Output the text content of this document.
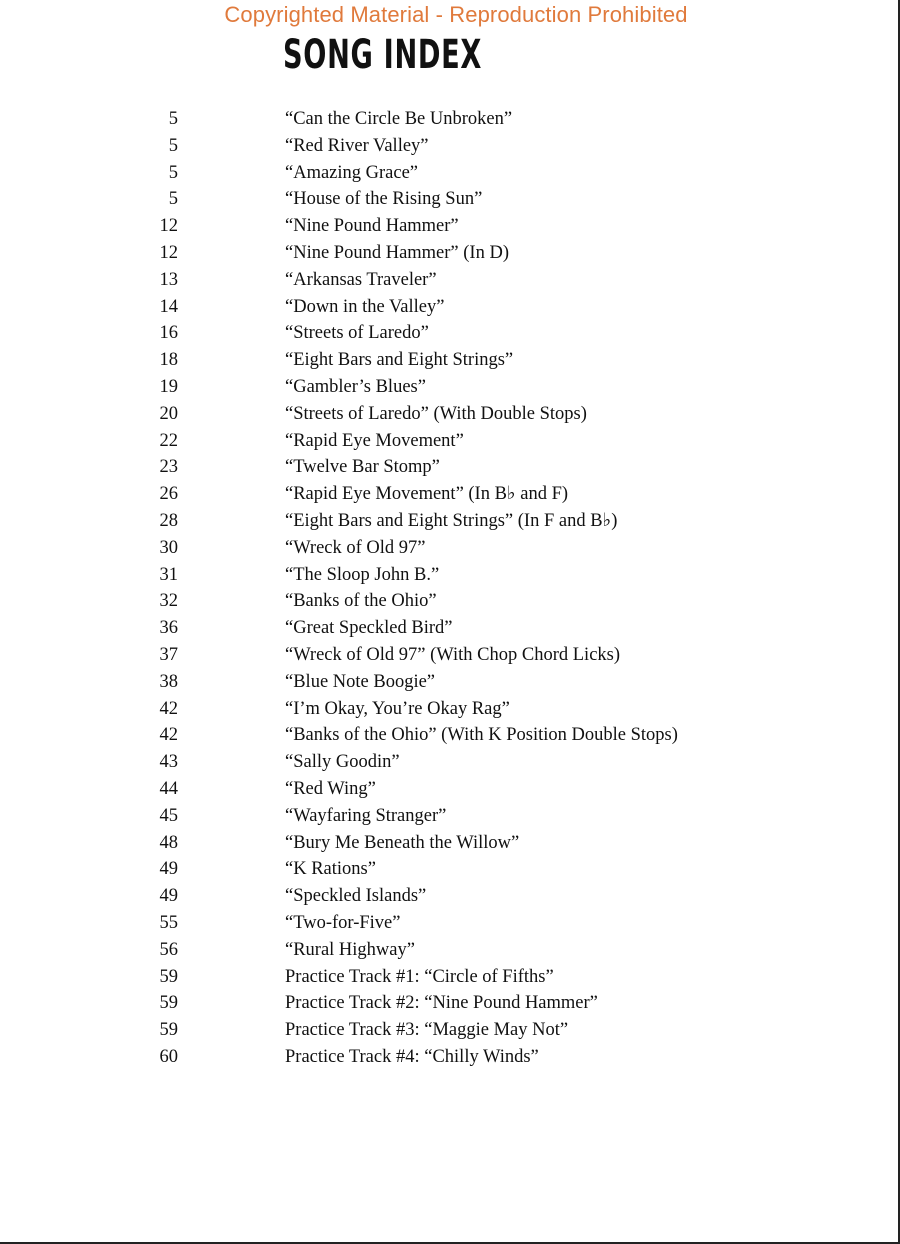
Copyrighted Material - Reproduction Prohibited
SONG INDEX
5	“Can the Circle Be Unbroken”
5	“Red River Valley”
5	“Amazing Grace”
5	“House of the Rising Sun”
12	“Nine Pound Hammer”
12	“Nine Pound Hammer” (In D)
13	“Arkansas Traveler”
14	“Down in the Valley”
16	“Streets of Laredo”
18	“Eight Bars and Eight Strings”
19	“Gambler’s Blues”
20	“Streets of Laredo” (With Double Stops)
22	“Rapid Eye Movement”
23	“Twelve Bar Stomp”
26	“Rapid Eye Movement” (In B♭ and F)
28	“Eight Bars and Eight Strings” (In F and B♭)
30	“Wreck of Old 97”
31	“The Sloop John B.”
32	“Banks of the Ohio”
36	“Great Speckled Bird”
37	“Wreck of Old 97” (With Chop Chord Licks)
38	“Blue Note Boogie”
42	“I’m Okay, You’re Okay Rag”
42	“Banks of the Ohio” (With K Position Double Stops)
43	“Sally Goodin”
44	“Red Wing”
45	“Wayfaring Stranger”
48	“Bury Me Beneath the Willow”
49	“K Rations”
49	“Speckled Islands”
55	“Two-for-Five”
56	“Rural Highway”
59	Practice Track #1: “Circle of Fifths”
59	Practice Track #2: “Nine Pound Hammer”
59	Practice Track #3: “Maggie May Not”
60	Practice Track #4: “Chilly Winds”
